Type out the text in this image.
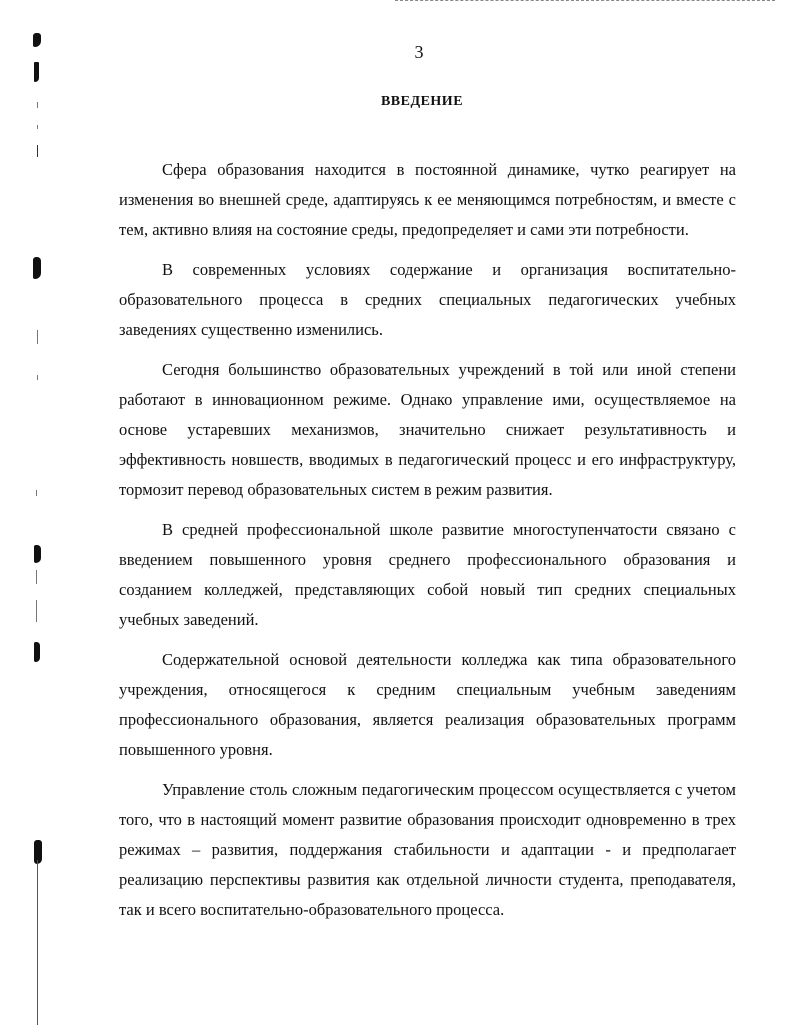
3
ВВЕДЕНИЕ

Сфера образования находится в постоянной динамике, чутко реагирует на изменения во внешней среде, адаптируясь к ее меняющимся потребностям, и вместе с тем, активно влияя на состояние среды, предопределяет и сами эти потребности.

В современных условиях содержание и организация воспитательно-образовательного процесса в средних специальных педагогических учебных заведениях существенно изменились.

Сегодня большинство образовательных учреждений в той или иной степени работают в инновационном режиме. Однако управление ими, осуществляемое на основе устаревших механизмов, значительно снижает результативность и эффективность новшеств, вводимых в педагогический процесс и его инфраструктуру, тормозит перевод образовательных систем в режим развития.

В средней профессиональной школе развитие многоступенчатости связано с введением повышенного уровня среднего профессионального образования и созданием колледжей, представляющих собой новый тип средних специальных учебных заведений.

Содержательной основой деятельности колледжа как типа образовательного учреждения, относящегося к средним специальным учебным заведениям профессионального образования, является реализация образовательных программ повышенного уровня.

Управление столь сложным педагогическим процессом осуществляется с учетом того, что в настоящий момент развитие образования происходит одновременно в трех режимах – развития, поддержания стабильности и адаптации - и предполагает реализацию перспективы развития как отдельной личности студента, преподавателя, так и всего воспитательно-образовательного процесса.
